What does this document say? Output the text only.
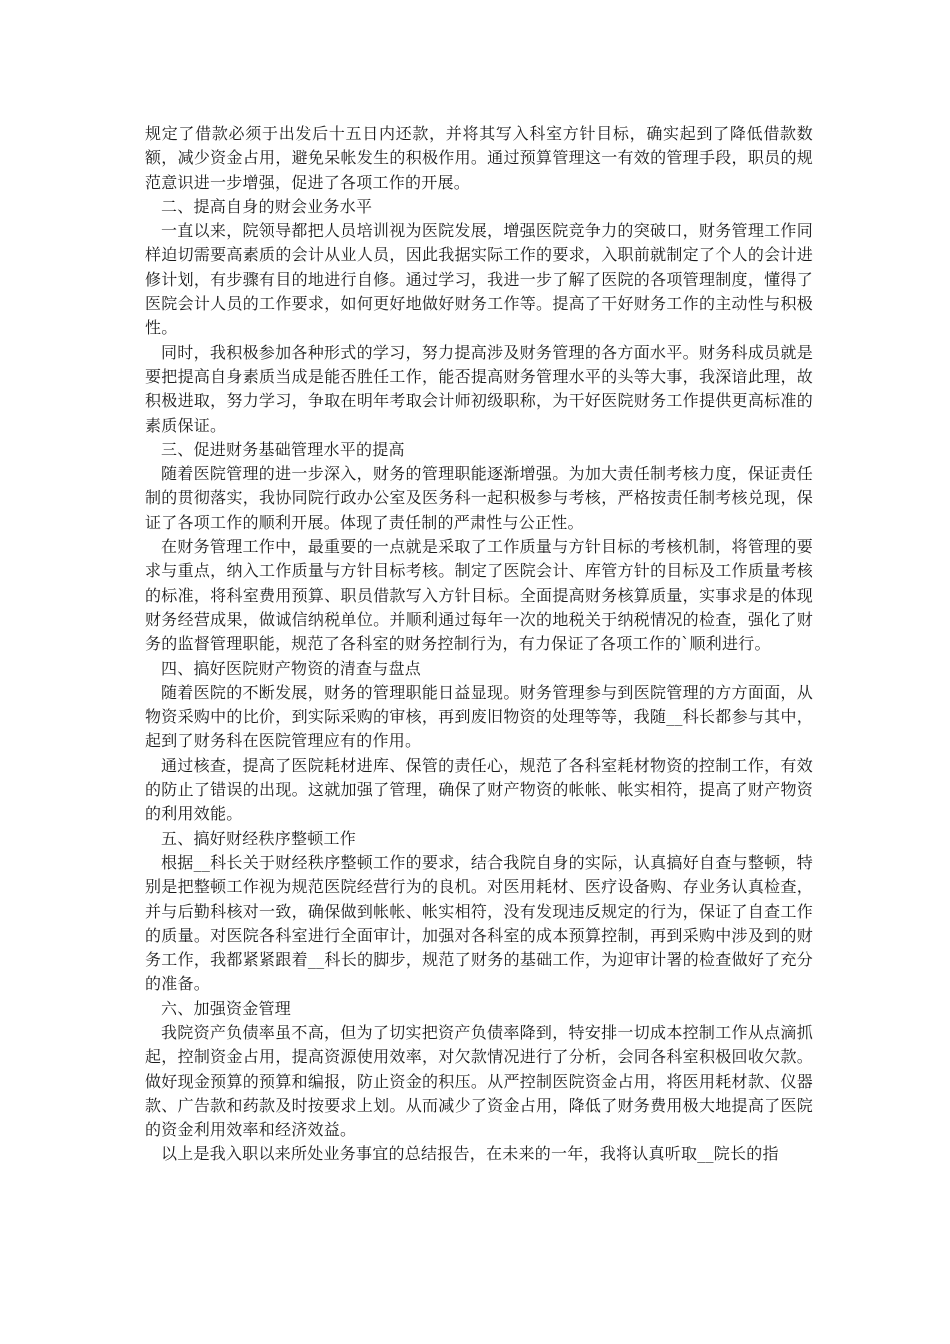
规定了借款必须于出发后十五日内还款，并将其写入科室方针目标，确实起到了降低借款数额，减少资金占用，避免呆帐发生的积极作用。通过预算管理这一有效的管理手段，职员的规范意识进一步增强，促进了各项工作的开展。

二、提高自身的财会业务水平

一直以来，院领导都把人员培训视为医院发展，增强医院竞争力的突破口，财务管理工作同样迫切需要高素质的会计从业人员，因此我据实际工作的要求，入职前就制定了个人的会计进修计划，有步骤有目的地进行自修。通过学习，我进一步了解了医院的各项管理制度，懂得了医院会计人员的工作要求，如何更好地做好财务工作等。提高了干好财务工作的主动性与积极性。

同时，我积极参加各种形式的学习，努力提高涉及财务管理的各方面水平。财务科成员就是要把提高自身素质当成是能否胜任工作，能否提高财务管理水平的头等大事，我深谙此理，故积极进取，努力学习，争取在明年考取会计师初级职称，为干好医院财务工作提供更高标准的素质保证。

三、促进财务基础管理水平的提高

随着医院管理的进一步深入，财务的管理职能逐渐增强。为加大责任制考核力度，保证责任制的贯彻落实，我协同院行政办公室及医务科一起积极参与考核，严格按责任制考核兑现，保证了各项工作的顺利开展。体现了责任制的严肃性与公正性。

在财务管理工作中，最重要的一点就是采取了工作质量与方针目标的考核机制，将管理的要求与重点，纳入工作质量与方针目标考核。制定了医院会计、库管方针的目标及工作质量考核的标准，将科室费用预算、职员借款写入方针目标。全面提高财务核算质量，实事求是的体现财务经营成果，做诚信纳税单位。并顺利通过每年一次的地税关于纳税情况的检查，强化了财务的监督管理职能，规范了各科室的财务控制行为，有力保证了各项工作的`顺利进行。

四、搞好医院财产物资的清查与盘点

随着医院的不断发展，财务的管理职能日益显现。财务管理参与到医院管理的方方面面，从物资采购中的比价，到实际采购的审核，再到废旧物资的处理等等，我随__科长都参与其中，起到了财务科在医院管理应有的作用。

通过核查，提高了医院耗材进库、保管的责任心，规范了各科室耗材物资的控制工作，有效的防止了错误的出现。这就加强了管理，确保了财产物资的帐帐、帐实相符，提高了财产物资的利用效能。

五、搞好财经秩序整顿工作

根据__科长关于财经秩序整顿工作的要求，结合我院自身的实际，认真搞好自查与整顿，特别是把整顿工作视为规范医院经营行为的良机。对医用耗材、医疗设备购、存业务认真检查，并与后勤科核对一致，确保做到帐帐、帐实相符，没有发现违反规定的行为，保证了自查工作的质量。对医院各科室进行全面审计，加强对各科室的成本预算控制，再到采购中涉及到的财务工作，我都紧紧跟着__科长的脚步，规范了财务的基础工作，为迎审计署的检查做好了充分的准备。

六、加强资金管理

我院资产负债率虽不高，但为了切实把资产负债率降到，特安排一切成本控制工作从点滴抓起，控制资金占用，提高资源使用效率，对欠款情况进行了分析，会同各科室积极回收欠款。做好现金预算的预算和编报，防止资金的积压。从严控制医院资金占用，将医用耗材款、仪器款、广告款和药款及时按要求上划。从而减少了资金占用，降低了财务费用极大地提高了医院的资金利用效率和经济效益。

以上是我入职以来所处业务事宜的总结报告，在未来的一年，我将认真听取__院长的指
